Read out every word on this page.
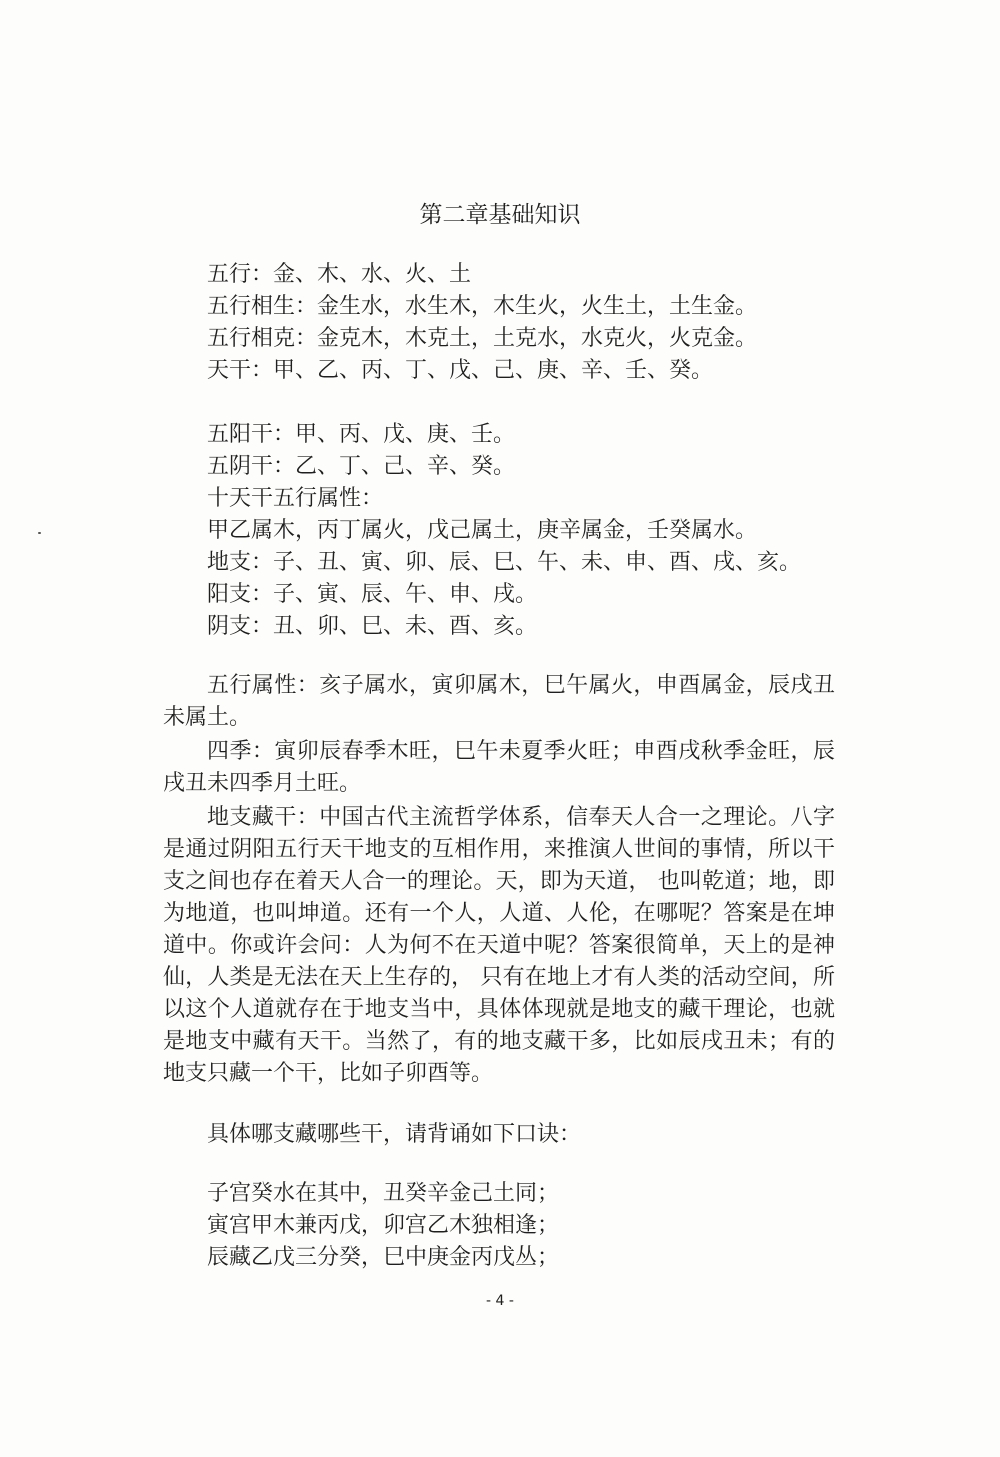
第二章基础知识
五行：金、木、水、火、土
五行相生：金生水，水生木，木生火，火生土，土生金。
五行相克：金克木，木克土，土克水，水克火，火克金。
天干：甲、乙、丙、丁、戊、己、庚、辛、壬、癸。
五阳干：甲、丙、戊、庚、壬。
五阴干：乙、丁、己、辛、癸。
十天干五行属性：
甲乙属木，丙丁属火，戊己属土，庚辛属金，壬癸属水。
地支：子、丑、寅、卯、辰、巳、午、未、申、酉、戌、亥。
阳支：子、寅、辰、午、申、戌。
阴支：丑、卯、巳、未、酉、亥。
五行属性：亥子属水，寅卯属木，巳午属火，申酉属金，辰戌丑
未属土。
四季：寅卯辰春季木旺，巳午未夏季火旺；申酉戌秋季金旺，辰
戌丑未四季月土旺。
地支藏干：中国古代主流哲学体系，信奉天人合一之理论。八字
是通过阴阳五行天干地支的互相作用，来推演人世间的事情，所以干
支之间也存在着天人合一的理论。天，即为天道， 也叫乾道；地，即
为地道，也叫坤道。还有一个人，人道、人伦，在哪呢？答案是在坤
道中。你或许会问：人为何不在天道中呢？答案很简单，天上的是神
仙，人类是无法在天上生存的， 只有在地上才有人类的活动空间，所
以这个人道就存在于地支当中，具体体现就是地支的藏干理论，也就
是地支中藏有天干。当然了，有的地支藏干多，比如辰戌丑未；有的
地支只藏一个干，比如子卯酉等。
具体哪支藏哪些干，请背诵如下口诀：
子宫癸水在其中，丑癸辛金己土同；
寅宫甲木兼丙戊，卯宫乙木独相逢；
辰藏乙戊三分癸，巳中庚金丙戊丛；
- 4 -
